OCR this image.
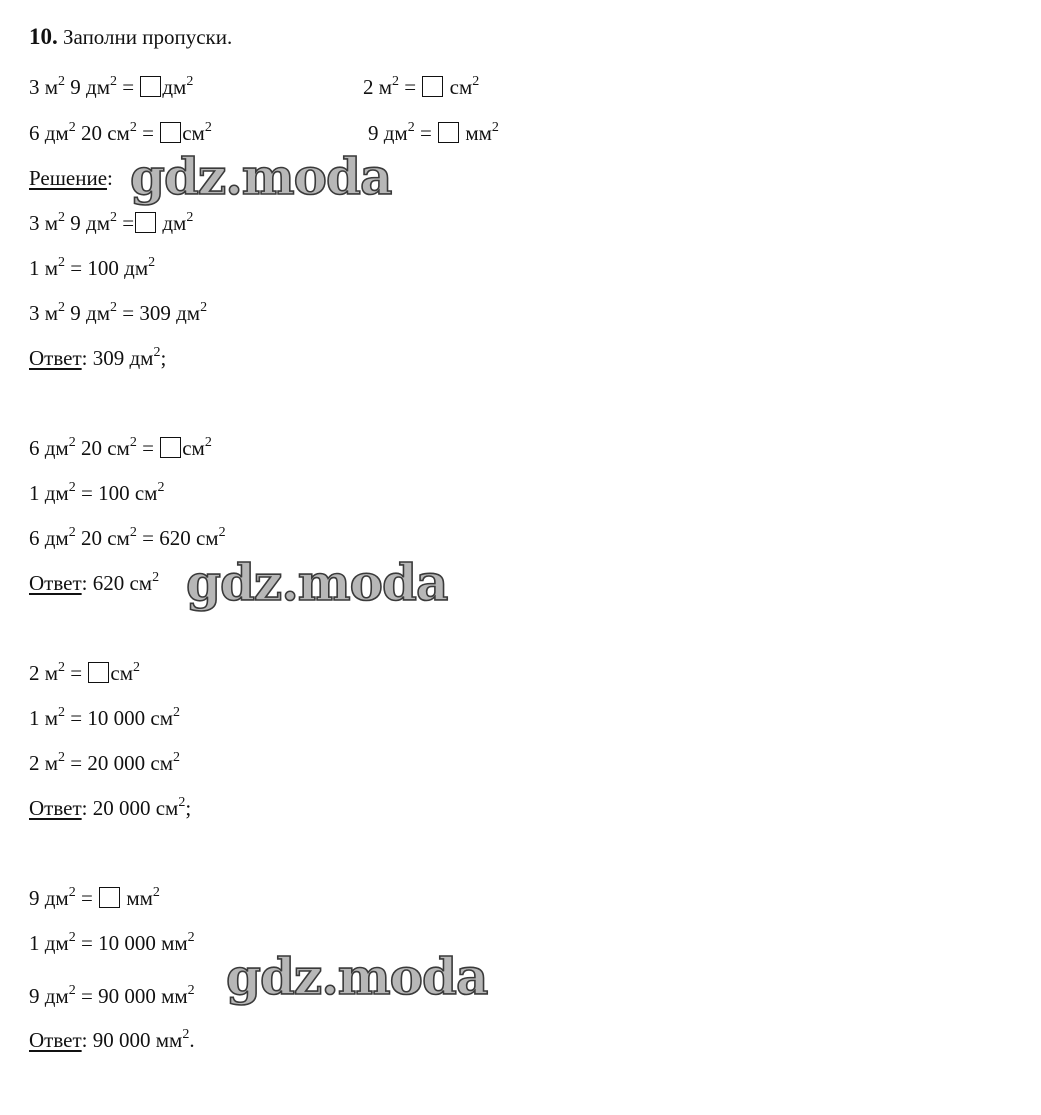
10. Заполни пропуски.
3 $м^2$ 9 $дм^2 = дм^2$	2 $м^2 = см^2$
6 $дм^2$ 20 $см^2 = см^2$	9 $дм^2 = мм^2$
Решение:
3 $м^2$ 9 $дм^2 = дм^2$
1 $м^2 = 100$ $дм^2$
3 $м^2$ 9 $дм^2 = 309$ $дм^2$
Ответ: 309 $дм^2$;
6 $дм^2$ 20 $см^2 = см^2$
1 $дм^2 = 100$ $см^2$
6 $дм^2$ 20 $см^2 = 620$ $см^2$
Ответ: 620 $см^2$
2 $м^2 = см^2$
1 $м^2 = 10$ 000 $см^2$
2 $м^2 = 20$ 000 $см^2$
Ответ: 20 000 $см^2$;
9 $дм^2 = мм^2$
1 $дм^2 = 10$ 000 $мм^2$
9 $дм^2 = 90$ 000 $мм^2$
Ответ: 90 000 $мм^2$.
gdz.moda
gdz.moda
gdz.moda
